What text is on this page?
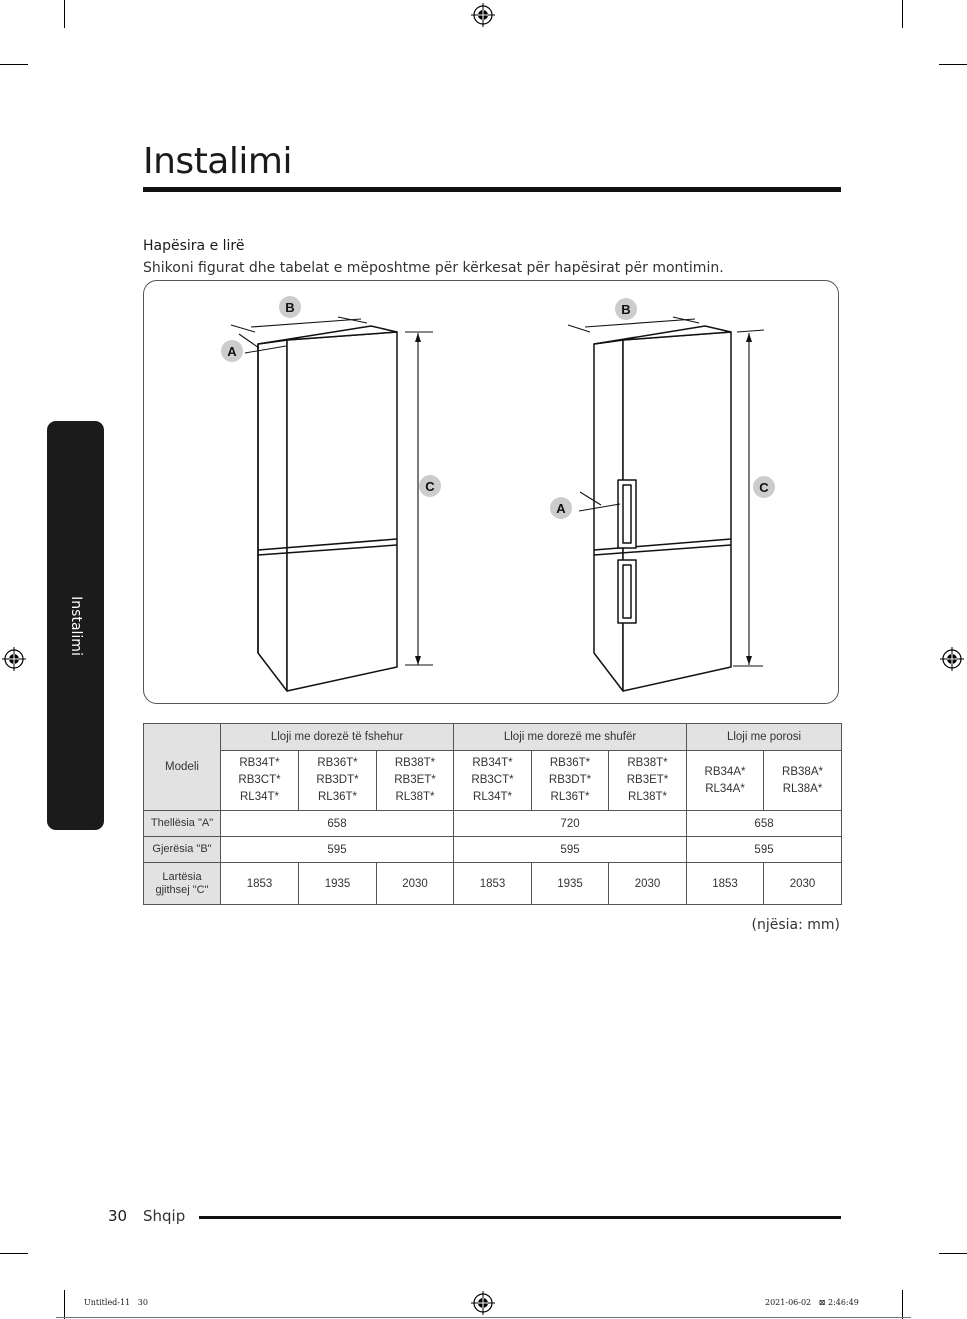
Instalimi
Instalimi
Hapësira e lirë
Shikoni figurat dhe tabelat e mëposhtme për kërkesat për hapësirat për montimin.
B
A
C
B
A
C
Modeli	Lloji me dorezë të fshehur			Lloji me dorezë me shufër			Lloji me porosi	
	RB34T*
RB3CT*
RL34T*	RB36T*
RB3DT*
RL36T*	RB38T*
RB3ET*
RL38T*	RB34T*
RB3CT*
RL34T*	RB36T*
RB3DT*
RL36T*	RB38T*
RB3ET*
RL38T*	RB34A*
RL34A*	RB38A*
RL38A*
Thellësia "A"	658			720			658	
Gjerësia "B"	595			595			595	
Lartësia
gjithsej "C"	1853	1935	2030	1853	1935	2030	1853	2030
(njësia: mm)
30 Shqip
Untitled-11   30	2021-06-02   ⊠ 2:46:49
